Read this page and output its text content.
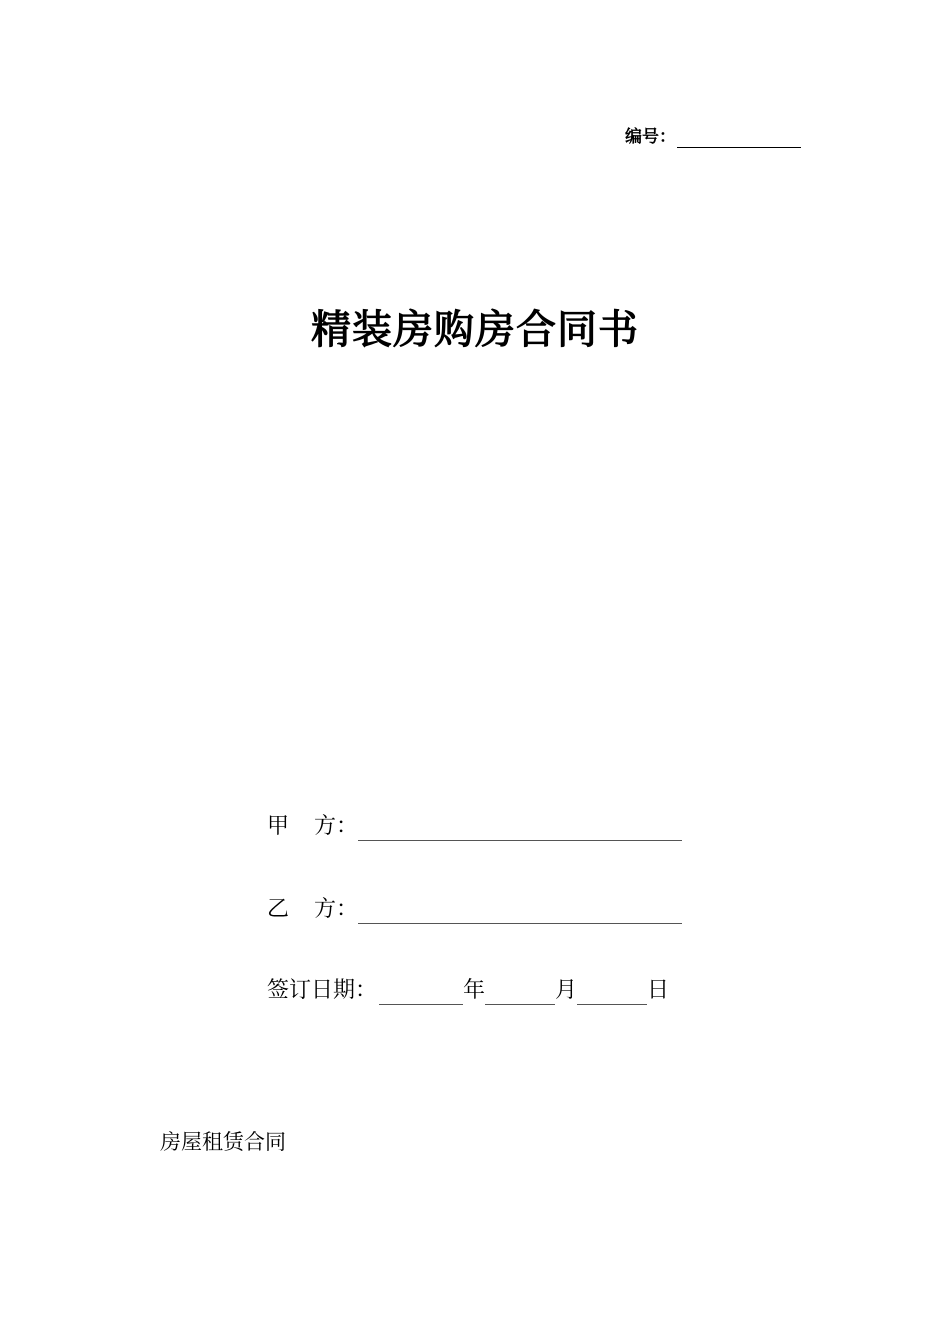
编号：
精装房购房合同书
甲	方 ：
乙	方 ：
签订日期：	年	月	日
房屋租赁合同
